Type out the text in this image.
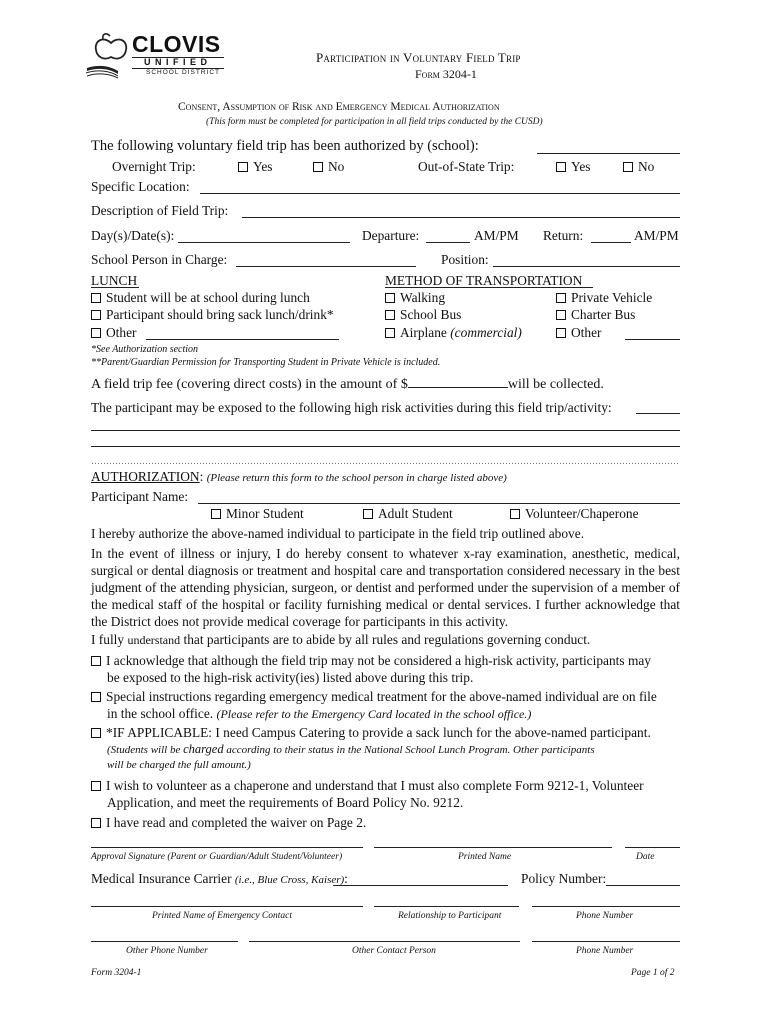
CLOVIS
UNIFIED
SCHOOL DISTRICT
Participation in Voluntary Field Trip
Form 3204-1
Consent, Assumption of Risk and Emergency Medical Authorization
(This form must be completed for participation in all field trips conducted by the CUSD)
The following voluntary field trip has been authorized by (school):
Overnight Trip:	Yes	No	Out-of-State Trip:	Yes	No
Specific Location:
Description of Field Trip:
Day(s)/Date(s):	Departure:	AM/PM Return:	AM/PM
School Person in Charge:	Position:
LUNCH
Student will be at school during lunch
Participant should bring sack lunch/drink*
Other
METHOD OF TRANSPORTATION
Walking
School Bus
Airplane (commercial)
Private Vehicle
Charter Bus
Other
*See Authorization section
**Parent/Guardian Permission for Transporting Student in Private Vehicle is included.
A field trip fee (covering direct costs) in the amount of $	will be collected.
The participant may be exposed to the following high risk activities during this field trip/activity:
AUTHORIZATION: (Please return this form to the school person in charge listed above)
Participant Name:
Minor Student	Adult Student	Volunteer/Chaperone
I hereby authorize the above-named individual to participate in the field trip outlined above.
In the event of illness or injury, I do hereby consent to whatever x-ray examination, anesthetic, medical, surgical or dental diagnosis or treatment and hospital care and transportation considered necessary in the best judgment of the attending physician, surgeon, or dentist and performed under the supervision of a member of the medical staff of the hospital or facility furnishing medical or dental services. I further acknowledge that the District does not provide medical coverage for participants in this activity.
I fully understand that participants are to abide by all rules and regulations governing conduct.
I acknowledge that although the field trip may not be considered a high-risk activity, participants may
be exposed to the high-risk activity(ies) listed above during this trip.
Special instructions regarding emergency medical treatment for the above-named individual are on file
in the school office. (Please refer to the Emergency Card located in the school office.)
*IF APPLICABLE: I need Campus Catering to provide a sack lunch for the above-named participant.
(Students will be charged according to their status in the National School Lunch Program. Other participants
will be charged the full amount.)
I wish to volunteer as a chaperone and understand that I must also complete Form 9212-1, Volunteer
Application, and meet the requirements of Board Policy No. 9212.
I have read and completed the waiver on Page 2.
Approval Signature (Parent or Guardian/Adult Student/Volunteer)	Printed Name	Date
Medical Insurance Carrier (i.e., Blue Cross, Kaiser):	Policy Number:
Printed Name of Emergency Contact	Relationship to Participant	Phone Number
Other Phone Number	Other Contact Person	Phone Number
Form 3204-1	Page 1 of 2
